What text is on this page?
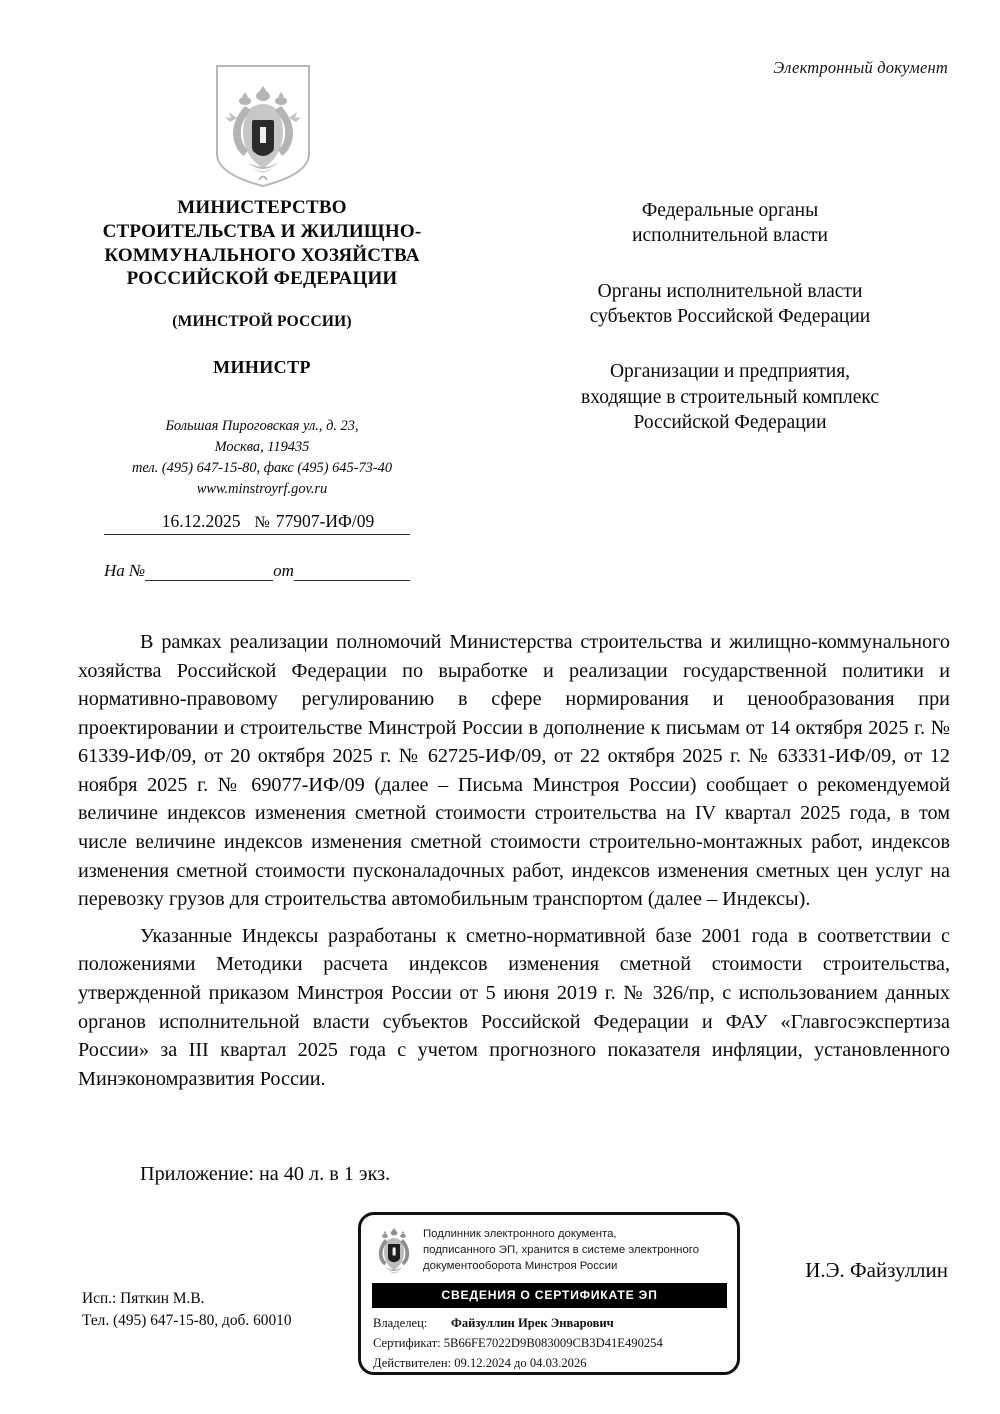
Электронный документ
МИНИСТЕРСТВО
СТРОИТЕЛЬСТВА И ЖИЛИЩНО-
КОММУНАЛЬНОГО ХОЗЯЙСТВА
РОССИЙСКОЙ ФЕДЕРАЦИИ
(МИНСТРОЙ РОССИИ)
МИНИСТР
Большая Пироговская ул., д. 23,
Москва, 119435
тел. (495) 647-15-80, факс (495) 645-73-40
www.minstroyrf.gov.ru
16.12.2025 № 77907-ИФ/09
На №	от
Федеральные органы
исполнительной власти
Органы исполнительной власти
субъектов Российской Федерации
Организации и предприятия,
входящие в строительный комплекс
Российской Федерации

В рамках реализации полномочий Министерства строительства и жилищно-коммунального хозяйства Российской Федерации по выработке и реализации государственной политики и нормативно-правовому регулированию в сфере нормирования и ценообразования при проектировании и строительстве Минстрой России в дополнение к письмам от 14 октября 2025 г. № 61339-ИФ/09, от 20 октября 2025 г. № 62725-ИФ/09, от 22 октября 2025 г. № 63331-ИФ/09, от 12 ноября 2025 г. № 69077-ИФ/09 (далее – Письма Минстроя России) сообщает о рекомендуемой величине индексов изменения сметной стоимости строительства на IV квартал 2025 года, в том числе величине индексов изменения сметной стоимости строительно-монтажных работ, индексов изменения сметной стоимости пусконаладочных работ, индексов изменения сметных цен услуг на перевозку грузов для строительства автомобильным транспортом (далее – Индексы).

Указанные Индексы разработаны к сметно-нормативной базе 2001 года в соответствии с положениями Методики расчета индексов изменения сметной стоимости строительства, утвержденной приказом Минстроя России от 5 июня 2019 г. № 326/пр, с использованием данных органов исполнительной власти субъектов Российской Федерации и ФАУ «Главгосэкспертиза России» за III квартал 2025 года с учетом прогнозного показателя инфляции, установленного Минэкономразвития России.

Приложение: на 40 л. в 1 экз.
И.Э. Файзуллин
Исп.: Пяткин М.В.
Тел. (495) 647-15-80, доб. 60010
Подлинник электронного документа,
подписанного ЭП, хранится в системе электронного
документооборота Минстроя России
СВЕДЕНИЯ О СЕРТИФИКАТЕ ЭП
Владелец:	Файзуллин Ирек Энварович
Сертификат: 5B66FE7022D9B083009CB3D41E490254
Действителен: 09.12.2024 до 04.03.2026
